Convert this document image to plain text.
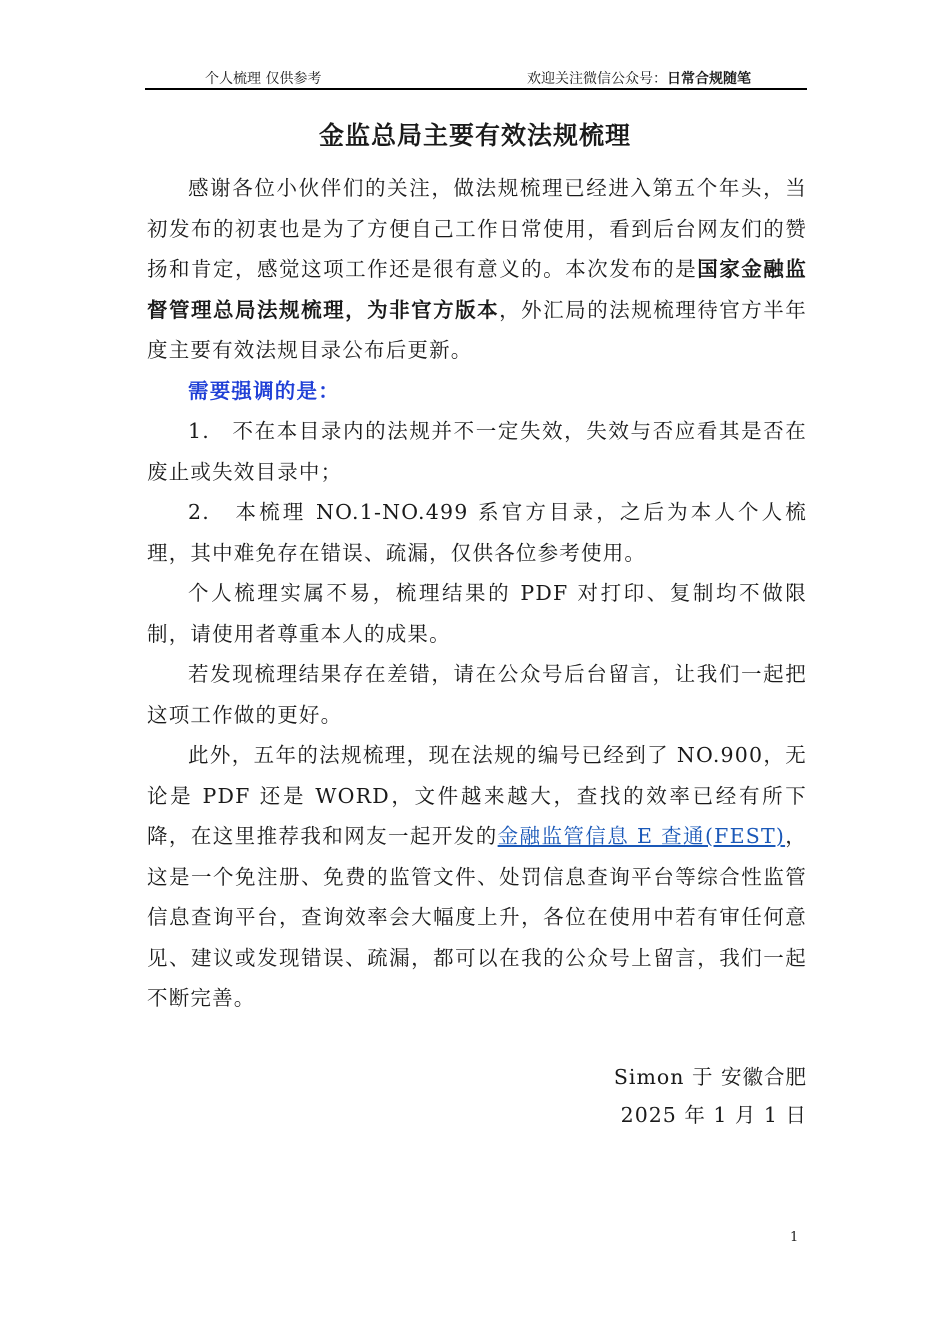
个人梳理 仅供参考	欢迎关注微信公众号：日常合规随笔
金监总局主要有效法规梳理

感谢各位小伙伴们的关注，做法规梳理已经进入第五个年头，当初发布的初衷也是为了方便自己工作日常使用，看到后台网友们的赞扬和肯定，感觉这项工作还是很有意义的。本次发布的是国家金融监督管理总局法规梳理，为非官方版本，外汇局的法规梳理待官方半年度主要有效法规目录公布后更新。

需要强调的是：

1.　不在本目录内的法规并不一定失效，失效与否应看其是否在废止或失效目录中；

2.　本梳理 NO.1-NO.499 系官方目录，之后为本人个人梳理，其中难免存在错误、疏漏，仅供各位参考使用。

个人梳理实属不易，梳理结果的 PDF 对打印、复制均不做限制，请使用者尊重本人的成果。

若发现梳理结果存在差错，请在公众号后台留言，让我们一起把这项工作做的更好。

此外，五年的法规梳理，现在法规的编号已经到了 NO.900，无论是 PDF 还是 WORD，文件越来越大，查找的效率已经有所下降，在这里推荐我和网友一起开发的金融监管信息 E 查通(FEST)，这是一个免注册、免费的监管文件、处罚信息查询平台等综合性监管信息查询平台，查询效率会大幅度上升，各位在使用中若有审任何意见、建议或发现错误、疏漏，都可以在我的公众号上留言，我们一起不断完善。

Simon 于 安徽合肥
2025 年 1 月 1 日
1
